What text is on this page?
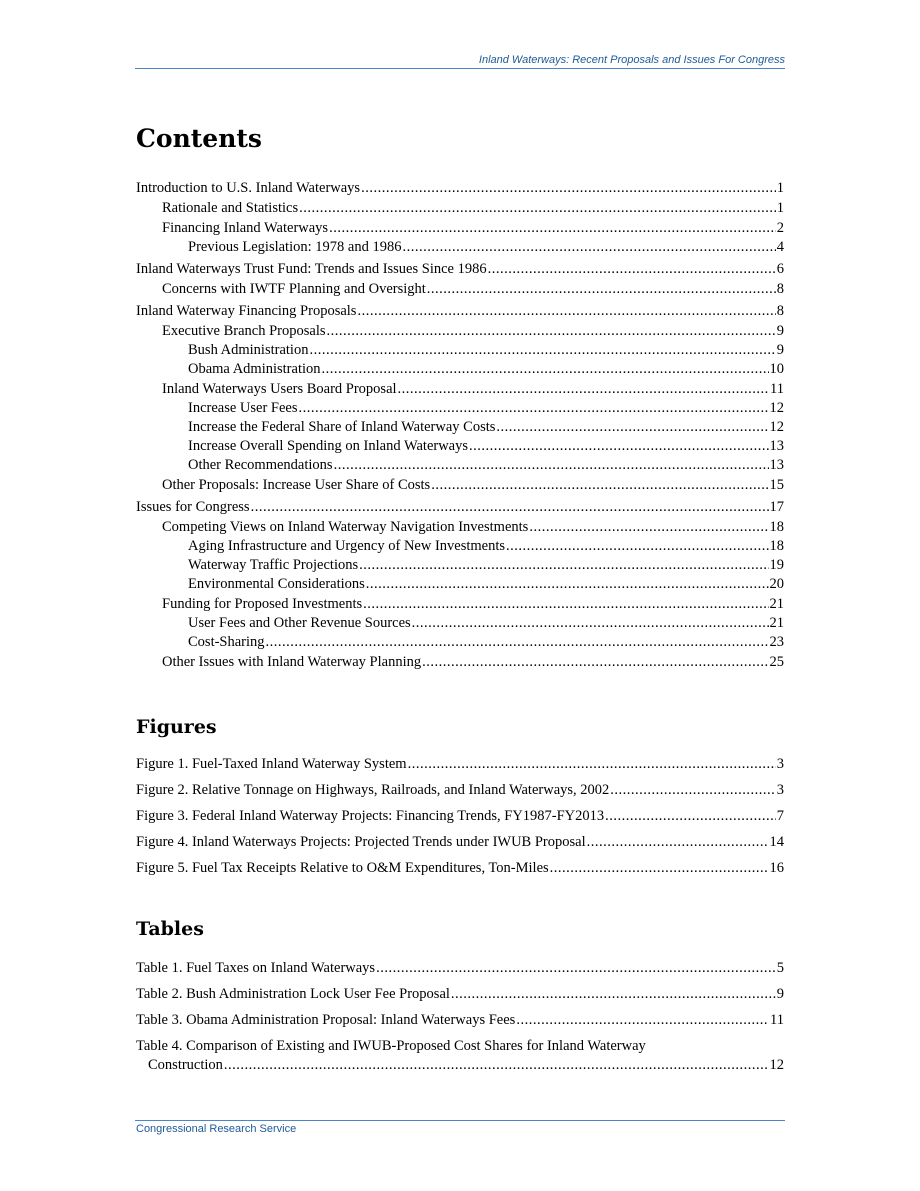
Inland Waterways: Recent Proposals and Issues For Congress
Contents
Introduction to U.S. Inland Waterways .....	1
Rationale and Statistics .....	1
Financing Inland Waterways .....	2
Previous Legislation: 1978 and 1986 .....	4
Inland Waterways Trust Fund: Trends and Issues Since 1986 .....	6
Concerns with IWTF Planning and Oversight .....	8
Inland Waterway Financing Proposals .....	8
Executive Branch Proposals .....	9
Bush Administration .....	9
Obama Administration .....	10
Inland Waterways Users Board Proposal .....	11
Increase User Fees .....	12
Increase the Federal Share of Inland Waterway Costs .....	12
Increase Overall Spending on Inland Waterways .....	13
Other Recommendations .....	13
Other Proposals: Increase User Share of Costs .....	15
Issues for Congress .....	17
Competing Views on Inland Waterway Navigation Investments .....	18
Aging Infrastructure and Urgency of New Investments .....	18
Waterway Traffic Projections .....	19
Environmental Considerations .....	20
Funding for Proposed Investments .....	21
User Fees and Other Revenue Sources .....	21
Cost-Sharing .....	23
Other Issues with Inland Waterway Planning .....	25
Figures
Figure 1. Fuel-Taxed Inland Waterway System .....	3
Figure 2. Relative Tonnage on Highways, Railroads, and Inland Waterways, 2002 .....	3
Figure 3. Federal Inland Waterway Projects: Financing Trends, FY1987-FY2013 .....	7
Figure 4. Inland Waterways Projects: Projected Trends under IWUB Proposal .....	14
Figure 5. Fuel Tax Receipts Relative to O&M Expenditures, Ton-Miles .....	16
Tables
Table 1. Fuel Taxes on Inland Waterways .....	5
Table 2. Bush Administration Lock User Fee Proposal .....	9
Table 3. Obama Administration Proposal: Inland Waterways Fees .....	11
Table 4. Comparison of Existing and IWUB-Proposed Cost Shares for Inland Waterway
Construction .....	12
Congressional Research Service
